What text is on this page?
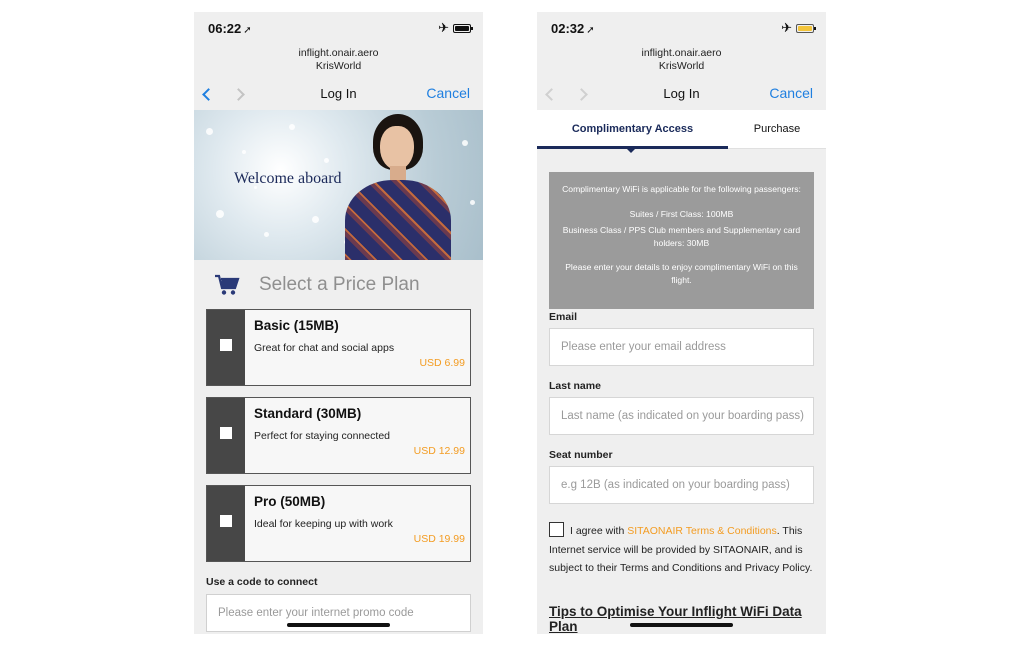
06:22 ➚	✈
inflight.onair.aero
KrisWorld
Log In	Cancel
Welcome aboard
Select a Price Plan
Basic (15MB)
Great for chat and social apps
USD 6.99
Standard (30MB)
Perfect for staying connected
USD 12.99
Pro (50MB)
Ideal for keeping up with work
USD 19.99
Use a code to connect
Please enter your internet promo code
02:32 ➚	✈
inflight.onair.aero
KrisWorld
Log In	Cancel
Complimentary Access	Purchase

Complimentary WiFi is applicable for the following passengers:

Suites / First Class: 100MB

Business Class / PPS Club members and Supplementary card holders: 30MB

Please enter your details to enjoy complimentary WiFi on this flight.

Email
Please enter your email address
Last name
Last name (as indicated on your boarding pass)
Seat number
e.g 12B (as indicated on your boarding pass)
I agree with SITAONAIR Terms & Conditions. This Internet service will be provided by SITAONAIR, and is subject to their Terms and Conditions and Privacy Policy.
Tips to Optimise Your Inflight WiFi Data Plan
